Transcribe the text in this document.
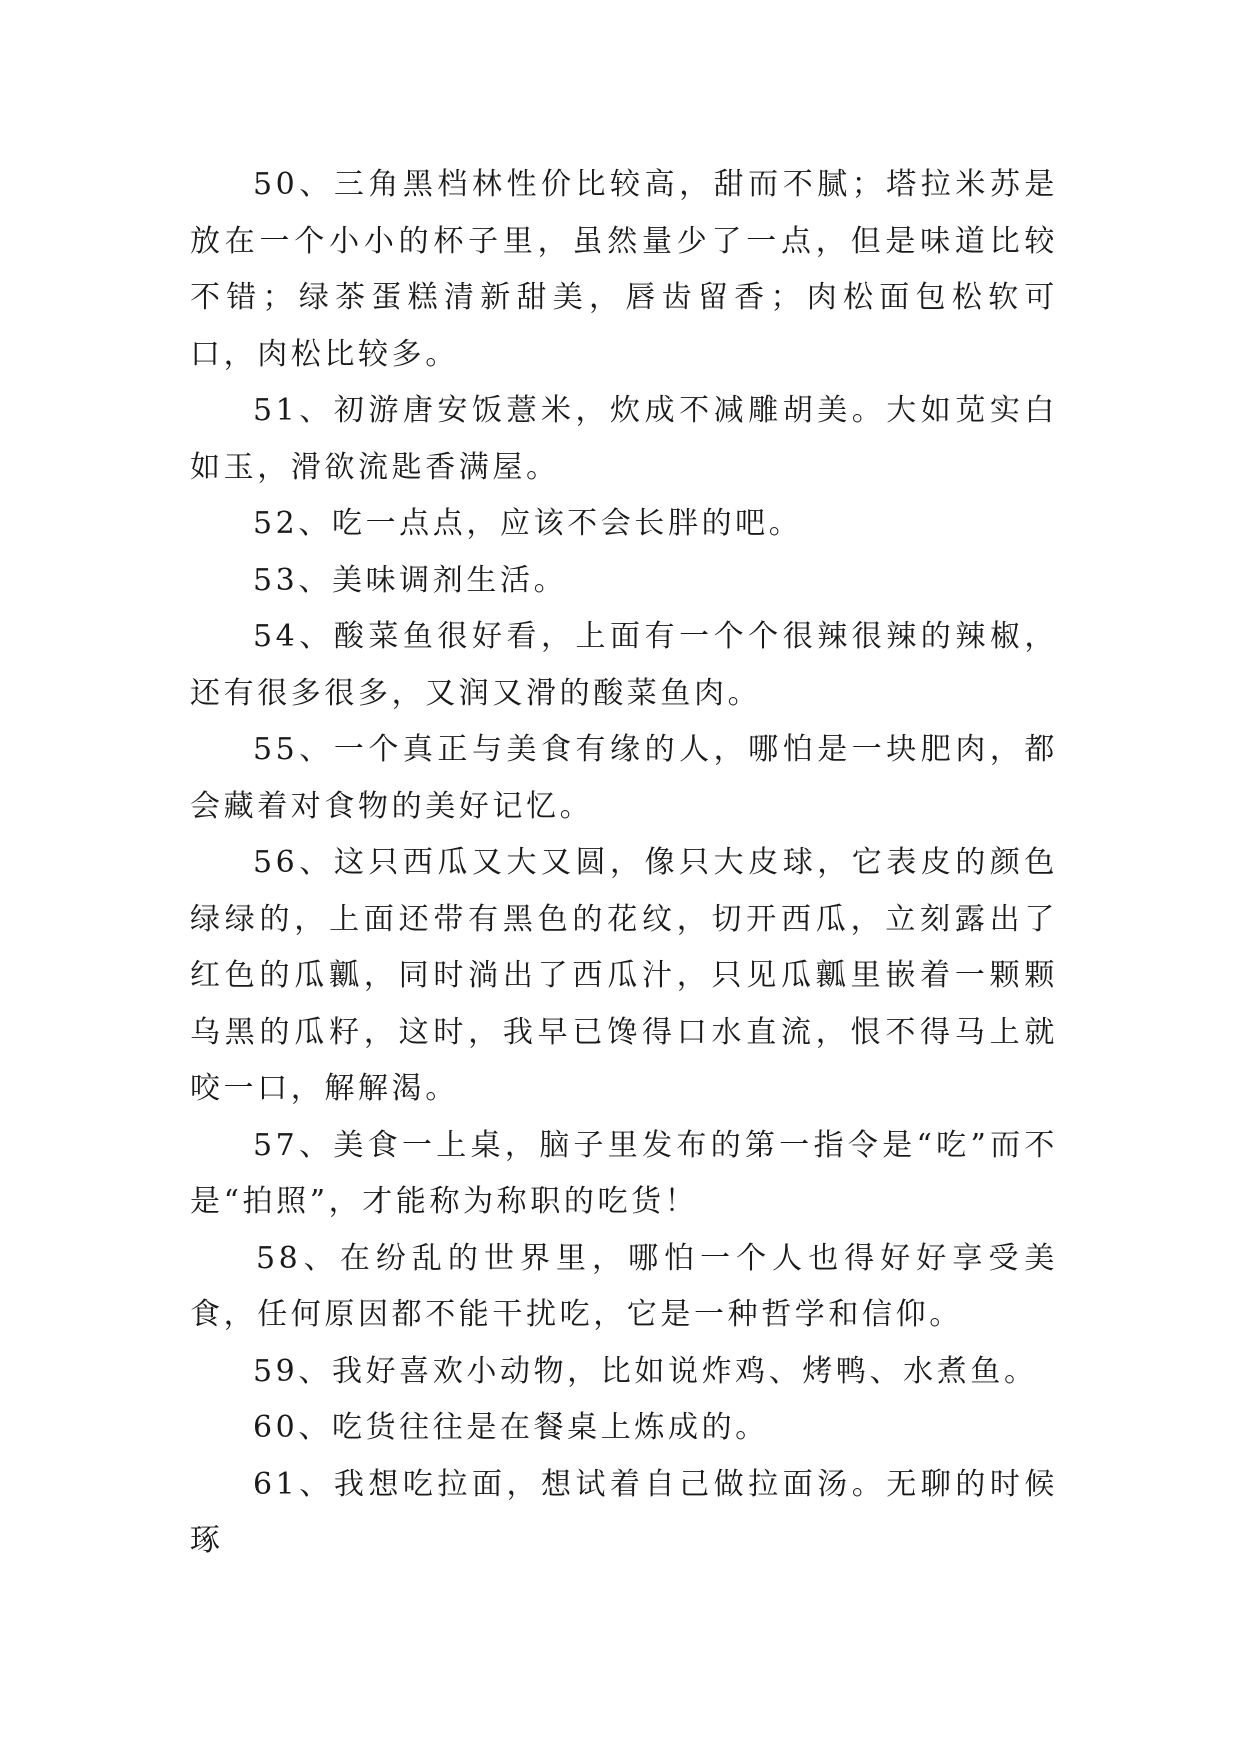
50、三角黑档林性价比较高，甜而不腻；塔拉米苏是放在一个小小的杯子里，虽然量少了一点，但是味道比较不错；绿茶蛋糕清新甜美，唇齿留香；肉松面包松软可口，肉松比较多。

51、初游唐安饭薏米，炊成不减雕胡美。大如苋实白如玉，滑欲流匙香满屋。

52、吃一点点，应该不会长胖的吧。

53、美味调剂生活。

54、酸菜鱼很好看，上面有一个个很辣很辣的辣椒，还有很多很多，又润又滑的酸菜鱼肉。

55、一个真正与美食有缘的人，哪怕是一块肥肉，都会藏着对食物的美好记忆。

56、这只西瓜又大又圆，像只大皮球，它表皮的颜色绿绿的，上面还带有黑色的花纹，切开西瓜，立刻露出了红色的瓜瓤，同时淌出了西瓜汁，只见瓜瓤里嵌着一颗颗乌黑的瓜籽，这时，我早已馋得口水直流，恨不得马上就咬一口，解解渴。

57、美食一上桌，脑子里发布的第一指令是“吃”而不是“拍照”，才能称为称职的吃货！

58、在纷乱的世界里，哪怕一个人也得好好享受美食，任何原因都不能干扰吃，它是一种哲学和信仰。

59、我好喜欢小动物，比如说炸鸡、烤鸭、水煮鱼。

60、吃货往往是在餐桌上炼成的。

61、我想吃拉面，想试着自己做拉面汤。无聊的时候琢
